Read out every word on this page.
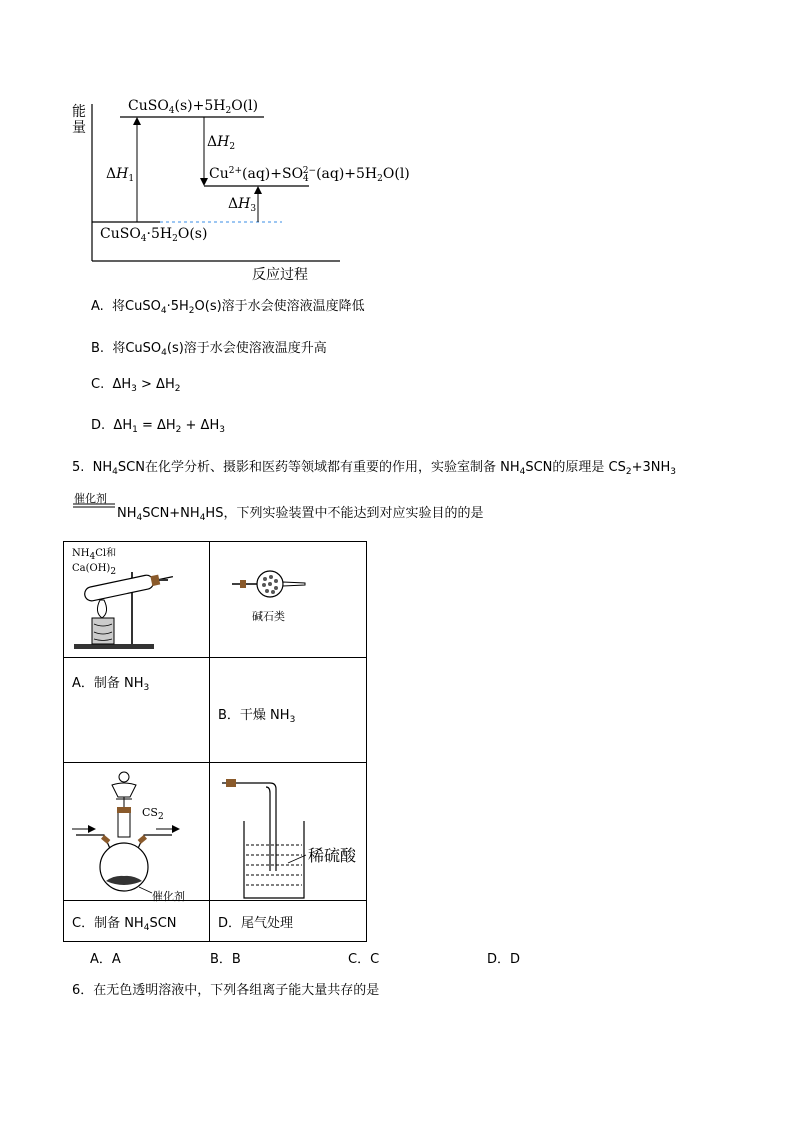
能量
反应过程
$CuSO_4(s)+5H_2O(l)$
$Cu^{2+}(aq)+SO_4^{2-}(aq)+5H_2O(l)$
$CuSO_4\cdot 5H_2O(s)$
$\Delta H_1$
$\Delta H_2$
$\Delta H_3$
A.  将$CuSO_4\cdot 5H_2O(s)$溶于水会使溶液温度降低
B.  将CuSO$_4$(s)溶于水会使溶液温度升高
C.  $\Delta H_3 > \Delta H_2$
D.  $\Delta H_1 = \Delta H_2 + \Delta H_3$
5.  $NH_4SCN$在化学分析、摄影和医药等领域都有重要的作用，实验室制备 $NH_4SCN$的原理是 $CS_2+3NH_3$
催化剂
$NH_4SCN+NH_4HS$，下列实验装置中不能达到对应实验目的的是
$NH_4Cl$和
$Ca(OH)_2$	碱石类

A．制备 $NH_3$	B．干燥 $NH_3$

$CS_2$
催化剂	稀硫酸

C．制备 $NH_4SCN$	D．尾气处理
A．A	B．B	C．C	D．D
6．在无色透明溶液中，下列各组离子能大量共存的是
